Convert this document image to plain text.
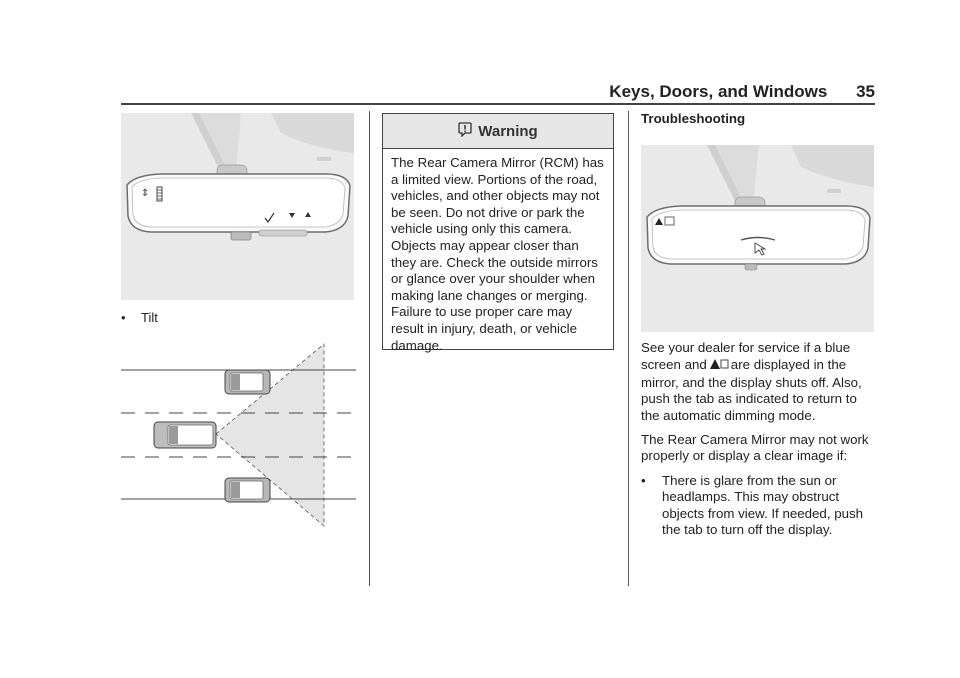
Keys, Doors, and Windows 35
⇕
• Tilt
Warning
The Rear Camera Mirror (RCM) has a limited view. Portions of the road, vehicles, and other objects may not be seen. Do not drive or park the vehicle using only this camera. Objects may appear closer than they are. Check the outside mirrors or glance over your shoulder when making lane changes or merging. Failure to use proper care may result in injury, death, or vehicle damage.
Troubleshooting

See your dealer for service if a blue screen and are displayed in the mirror, and the display shuts off. Also, push the tab as indicated to return to the automatic dimming mode.

The Rear Camera Mirror may not work properly or display a clear image if:

•	There is glare from the sun or headlamps. This may obstruct objects from view. If needed, push the tab to turn off the display.
